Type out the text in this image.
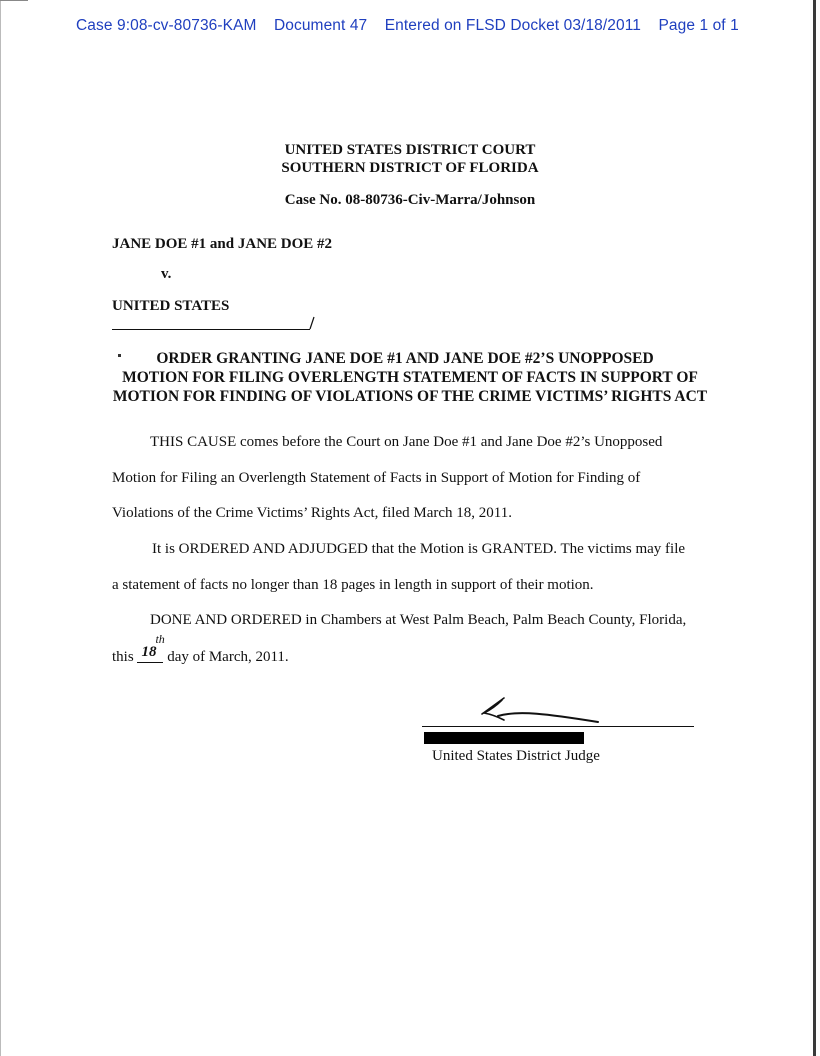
Case 9:08-cv-80736-KAM Document 47 Entered on FLSD Docket 03/18/2011 Page 1 of 1
UNITED STATES DISTRICT COURT
SOUTHERN DISTRICT OF FLORIDA
Case No. 08-80736-Civ-Marra/Johnson
JANE DOE #1 and JANE DOE #2
v.
UNITED STATES
ORDER GRANTING JANE DOE #1 AND JANE DOE #2’S UNOPPOSED
MOTION FOR FILING OVERLENGTH STATEMENT OF FACTS IN SUPPORT OF
MOTION FOR FINDING OF VIOLATIONS OF THE CRIME VICTIMS’ RIGHTS ACT
THIS CAUSE comes before the Court on Jane Doe #1 and Jane Doe #2’s Unopposed
Motion for Filing an Overlength Statement of Facts in Support of Motion for Finding of
Violations of the Crime Victims’ Rights Act, filed March 18, 2011.
It is ORDERED AND ADJUDGED that the Motion is GRANTED. The victims may file
a statement of facts no longer than 18 pages in length in support of their motion.
DONE AND ORDERED in Chambers at West Palm Beach, Palm Beach County, Florida,
this 18
th
day of March, 2011.
United States District Judge
